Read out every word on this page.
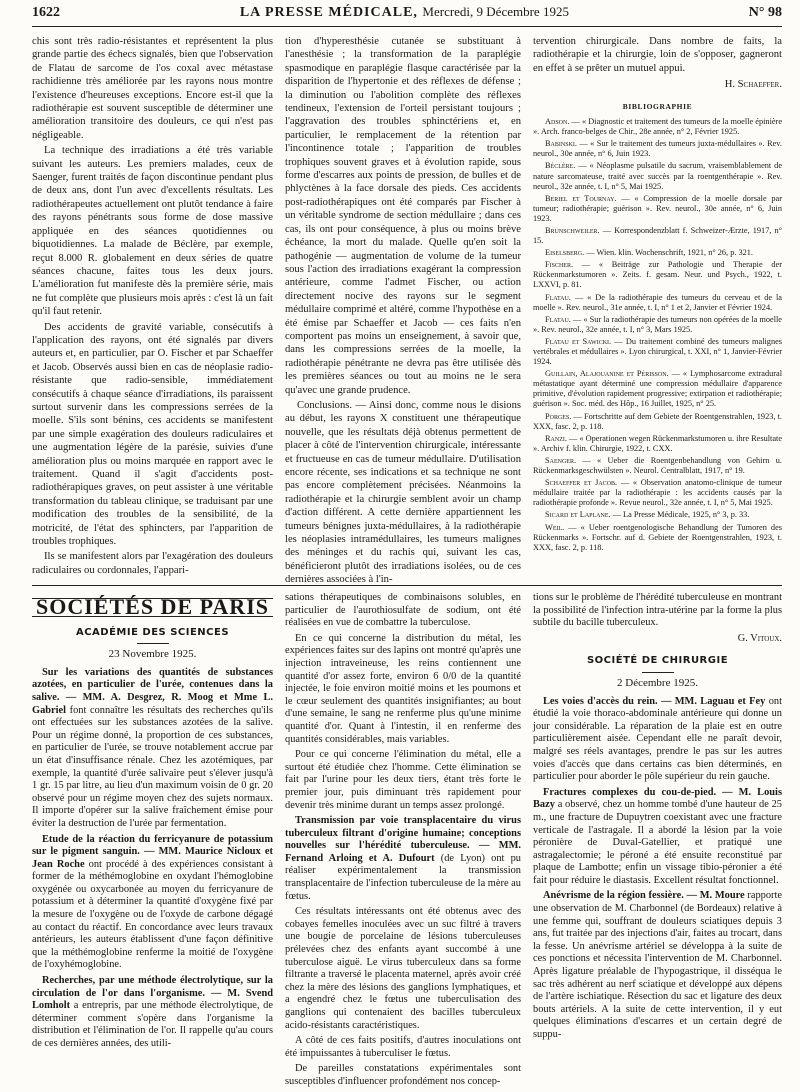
1622	LA PRESSE MÉDICALE, Mercredi, 9 Décembre 1925	N° 98

chis sont très radio-résistantes et représentent la plus grande partie des échecs signalés, bien que l'observation de Flatau de sarcome de l'os coxal avec métastase rachidienne très améliorée par les rayons nous montre l'existence d'heureuses exceptions. Encore est-il que la radiothérapie est souvent susceptible de déterminer une amélioration transitoire des douleurs, ce qui n'est pas négligeable.

La technique des irradiations a été très variable suivant les auteurs. Les premiers malades, ceux de Saenger, furent traités de façon discontinue pendant plus de deux ans, dont l'un avec d'excellents résultats. Les radiothérapeutes actuellement ont plutôt tendance à faire des rayons pénétrants sous forme de dose massive appliquée en des séances quotidiennes ou biquotidiennes. La malade de Béclère, par exemple, reçut 8.000 R. globalement en deux séries de quatre séances chacune, faites tous les deux jours. L'amélioration fut manifeste dès la première série, mais ne fut complète que plusieurs mois après : c'est là un fait qu'il faut retenir.

Des accidents de gravité variable, consécutifs à l'application des rayons, ont été signalés par divers auteurs et, en particulier, par O. Fischer et par Schaeffer et Jacob. Observés aussi bien en cas de néoplasie radio-résistante que radio-sensible, immédiatement consécutifs à chaque séance d'irradiations, ils paraissent surtout survenir dans les compressions serrées de la moelle. S'ils sont bénins, ces accidents se manifestent par une simple exagération des douleurs radiculaires et une augmentation légère de la parésie, suivies d'une amélioration plus ou moins marquée en rapport avec le traitement. Quand il s'agit d'accidents post-radiothérapiques graves, on peut assister à une véritable transformation du tableau clinique, se traduisant par une modification des troubles de la sensibilité, de la motricité, de l'état des sphincters, par l'apparition de troubles trophiques.

Ils se manifestent alors par l'exagération des douleurs radiculaires ou cordonnales, l'appari-

tion d'hyperesthésie cutanée se substituant à l'anesthésie ; la transformation de la paraplégie spasmodique en paraplégie flasque caractérisée par la disparition de l'hypertonie et des réflexes de défense ; la diminution ou l'abolition complète des réflexes tendineux, l'extension de l'orteil persistant toujours ; l'aggravation des troubles sphinctériens et, en particulier, le remplacement de la rétention par l'incontinence totale ; l'apparition de troubles trophiques souvent graves et à évolution rapide, sous forme d'escarres aux points de pression, de bulles et de phlyctènes à la face dorsale des pieds. Ces accidents post-radiothérapiques ont été comparés par Fischer à un véritable syndrome de section médullaire ; dans ces cas, ils ont pour conséquence, à plus ou moins brève échéance, la mort du malade. Quelle qu'en soit la pathogénie — augmentation de volume de la tumeur sous l'action des irradiations exagérant la compression antérieure, comme l'admet Fischer, ou action directement nocive des rayons sur le segment médullaire comprimé et altéré, comme l'hypothèse en a été émise par Schaeffer et Jacob — ces faits n'en comportent pas moins un enseignement, à savoir que, dans les compressions serrées de la moelle, la radiothérapie pénétrante ne devra pas être utilisée dès les premières séances ou tout au moins ne le sera qu'avec une grande prudence.

Conclusions. — Ainsi donc, comme nous le disions au début, les rayons X constituent une thérapeutique nouvelle, que les résultats déjà obtenus permettent de placer à côté de l'intervention chirurgicale, intéressante et fructueuse en cas de tumeur médullaire. D'utilisation encore récente, ses indications et sa technique ne sont pas encore complètement précisées. Néanmoins la radiothérapie et la chirurgie semblent avoir un champ d'action différent. A cette dernière appartiennent les tumeurs bénignes juxta-médullaires, à la radiothérapie les néoplasies intramédullaires, les tumeurs malignes des méninges et du rachis qui, suivant les cas, bénéficieront plutôt des irradiations isolées, ou de ces dernières associées à l'in-

tervention chirurgicale. Dans nombre de faits, la radiothérapie et la chirurgie, loin de s'opposer, gagneront en effet à se prêter un mutuel appui.

H. Schaeffer.
BIBLIOGRAPHIE

Adson. — « Diagnostic et traitement des tumeurs de la moelle épinière ». Arch. franco-belges de Chir., 28e année, n° 2, Février 1925.

Babinski. — « Sur le traitement des tumeurs juxta-médullaires ». Rev. neurol., 30e année, n° 6, Juin 1923.

Béclère. — « Néoplasme pulsatile du sacrum, vraisemblablement de nature sarcomateuse, traité avec succès par la roentgenthérapie ». Rev. neurol., 32e année, t. I, n° 5, Mai 1925.

Beriel et Tournay. — « Compression de la moelle dorsale par tumeur; radiothérapie; guérison ». Rev. neurol., 30e année, n° 6, Juin 1923.

Brunschweiler. — Korrespondenzblatt f. Schweizer-Ærzte, 1917, n° 15.

Eiselsberg. — Wien. klin. Wochenschrift, 1921, n° 26, p. 321.

Fischer. — « Beiträge zur Pathologie und Therapie der Rückenmarkstumoren ». Zeits. f. gesam. Neur. und Psych., 1922, t. LXXVI, p. 81.

Flatau. — « De la radiothérapie des tumeurs du cerveau et de la moelle ». Rev. neurol., 31e année, t. I, n° 1 et 2, Janvier et Février 1924.

Flatau. — « Sur la radiothérapie des tumeurs non opérées de la moelle ». Rev. neurol., 32e année, t. I, n° 3, Mars 1925.

Flatau et Sawicki. — Du traitement combiné des tumeurs malignes vertébrales et médullaires ». Lyon chirurgical, t. XXI, n° 1, Janvier-Février 1924.

Guillain, Alajouanine et Périsson. — « Lymphosarcome extradural métastatique ayant déterminé une compression médullaire d'apparence primitive, d'évolution rapidement progressive; extirpation et radiothérapie; guérison ». Soc. méd. des Hôp., 16 Juillet, 1925, n° 25.

Porges. — Fortschritte auf dem Gebiete der Roentgenstrahlen, 1923, t. XXX, fasc. 2, p. 118.

Ranzi. — « Operationen wegen Rückenmarkstumoren u. ihre Resultate ». Archiv f. klin. Chirurgie, 1922, t. CXX.

Saenger. — « Ueber die Roentgenbehandlung von Gehirn u. Rückenmarksgeschwülsten ». Neurol. Centralblatt, 1917, n° 19.

Schaeffer et Jacob. — « Observation anatomo-clinique de tumeur médullaire traitée par la radiothérapie : les accidents causés par la radiothérapie profonde ». Revue neurol., 32e année, t. I, n° 5, Mai 1925.

Sicard et Laplane. — La Presse Médicale, 1925, n° 3, p. 33.

Weil. — « Ueber roentgenologische Behandlung der Tumoren des Rückenmarks ». Fortschr. auf d. Gebiete der Roentgenstrahlen, 1923, t. XXX, fasc. 2, p. 118.

SOCIÉTÉS DE PARIS
ACADÉMIE DES SCIENCES
23 Novembre 1925.

Sur les variations des quantités de substances azotées, en particulier de l'urée, contenues dans la salive. — MM. A. Desgrez, R. Moog et Mme L. Gabriel font connaître les résultats des recherches qu'ils ont effectuées sur les substances azotées de la salive. Pour un régime donné, la proportion de ces substances, en particulier de l'urée, se trouve notablement accrue par un état d'insuffisance rénale. Chez les azotémiques, par exemple, la quantité d'urée salivaire peut s'élever jusqu'à 1 gr. 15 par litre, au lieu d'un maximum voisin de 0 gr. 20 observé pour un régime moyen chez des sujets normaux. Il importe d'opérer sur la salive fraîchement émise pour éviter la destruction de l'urée par fermentation.

Etude de la réaction du ferricyanure de potassium sur le pigment sanguin. — MM. Maurice Nicloux et Jean Roche ont procédé à des expériences consistant à former de la méthémoglobine en oxydant l'hémoglobine oxygénée ou oxycarbonée au moyen du ferricyanure de potassium et à déterminer la quantité d'oxygène fixé par la mesure de l'oxygène ou de l'oxyde de carbone dégagé au contact du réactif. En concordance avec leurs travaux antérieurs, les auteurs établissent d'une façon définitive que la méthémoglobine renferme la moitié de l'oxygène de l'oxyhémoglobine.

Recherches, par une méthode électrolytique, sur la circulation de l'or dans l'organisme. — M. Svend Lomholt a entrepris, par une méthode électrolytique, de déterminer comment s'opère dans l'organisme la distribution et l'élimination de l'or. Il rappelle qu'au cours de ces dernières années, des utili-

sations thérapeutiques de combinaisons solubles, en particulier de l'aurothiosulfate de sodium, ont été réalisées en vue de combattre la tuberculose.

En ce qui concerne la distribution du métal, les expériences faites sur des lapins ont montré qu'après une injection intraveineuse, les reins contiennent une quantité d'or assez forte, environ 6 0/0 de la quantité injectée, le foie environ moitié moins et les poumons et le cœur seulement des quantités insignifiantes; au bout d'une semaine, le sang ne renferme plus qu'une minime quantité d'or. Quant à l'intestin, il en renferme des quantités considérables, mais variables.

Pour ce qui concerne l'élimination du métal, elle a surtout été étudiée chez l'homme. Cette élimination se fait par l'urine pour les deux tiers, étant très forte le premier jour, puis diminuant très rapidement pour devenir très minime durant un temps assez prolongé.

Transmission par voie transplacentaire du virus tuberculeux filtrant d'origine humaine; conceptions nouvelles sur l'hérédité tuberculeuse. — MM. Fernand Arloing et A. Dufourt (de Lyon) ont pu réaliser expérimentalement la transmission transplacentaire de l'infection tuberculeuse de la mère au fœtus.

Ces résultats intéressants ont été obtenus avec des cobayes femelles inoculées avec un suc filtré à travers une bougie de porcelaine de lésions tuberculeuses prélevées chez des enfants ayant succombé à une tuberculose aiguë. Le virus tuberculeux dans sa forme filtrante a traversé le placenta maternel, après avoir créé chez la mère des lésions des ganglions lymphatiques, et a engendré chez le fœtus une tuberculisation des ganglions qui contenaient des bacilles tuberculeux acido-résistants caractéristiques.

A côté de ces faits positifs, d'autres inoculations ont été impuissantes à tuberculiser le fœtus.

De pareilles constatations expérimentales sont susceptibles d'influencer profondément nos concep-

tions sur le problème de l'hérédité tuberculeuse en montrant la possibilité de l'infection intra-utérine par la forme la plus subtile du bacille tuberculeux.

G. Vitoux.
SOCIÉTÉ DE CHIRURGIE
2 Décembre 1925.

Les voies d'accès du rein. — MM. Laguau et Fey ont étudié la voie thoraco-abdominale antérieure qui donne un jour considérable. La réparation de la plaie est en outre particulièrement aisée. Cependant elle ne paraît devoir, malgré ses réels avantages, prendre le pas sur les autres voies d'accès que dans certains cas bien déterminés, en particulier pour aborder le pôle supérieur du rein gauche.

Fractures complexes du cou-de-pied. — M. Louis Bazy a observé, chez un homme tombé d'une hauteur de 25 m., une fracture de Dupuytren coexistant avec une fracture verticale de l'astragale. Il a abordé la lésion par la voie péronière de Duval-Gatellier, et pratiqué une astragalectomie; le péroné a été ensuite reconstitué par plaque de Lambotte; enfin un vissage tibio-péronier a été fait pour réduire le diastasis. Excellent résultat fonctionnel.

Anévrisme de la région fessière. — M. Moure rapporte une observation de M. Charbonnel (de Bordeaux) relative à une femme qui, souffrant de douleurs sciatiques depuis 3 ans, fut traitée par des injections d'air, faites au trocart, dans la fesse. Un anévrisme artériel se développa à la suite de ces ponctions et nécessita l'intervention de M. Charbonnel. Après ligature préalable de l'hypogastrique, il disséqua le sac très adhérent au nerf sciatique et développé aux dépens de l'artère ischiatique. Résection du sac et ligature des deux bouts artériels. A la suite de cette intervention, il y eut quelques éliminations d'escarres et un certain degré de suppu-
